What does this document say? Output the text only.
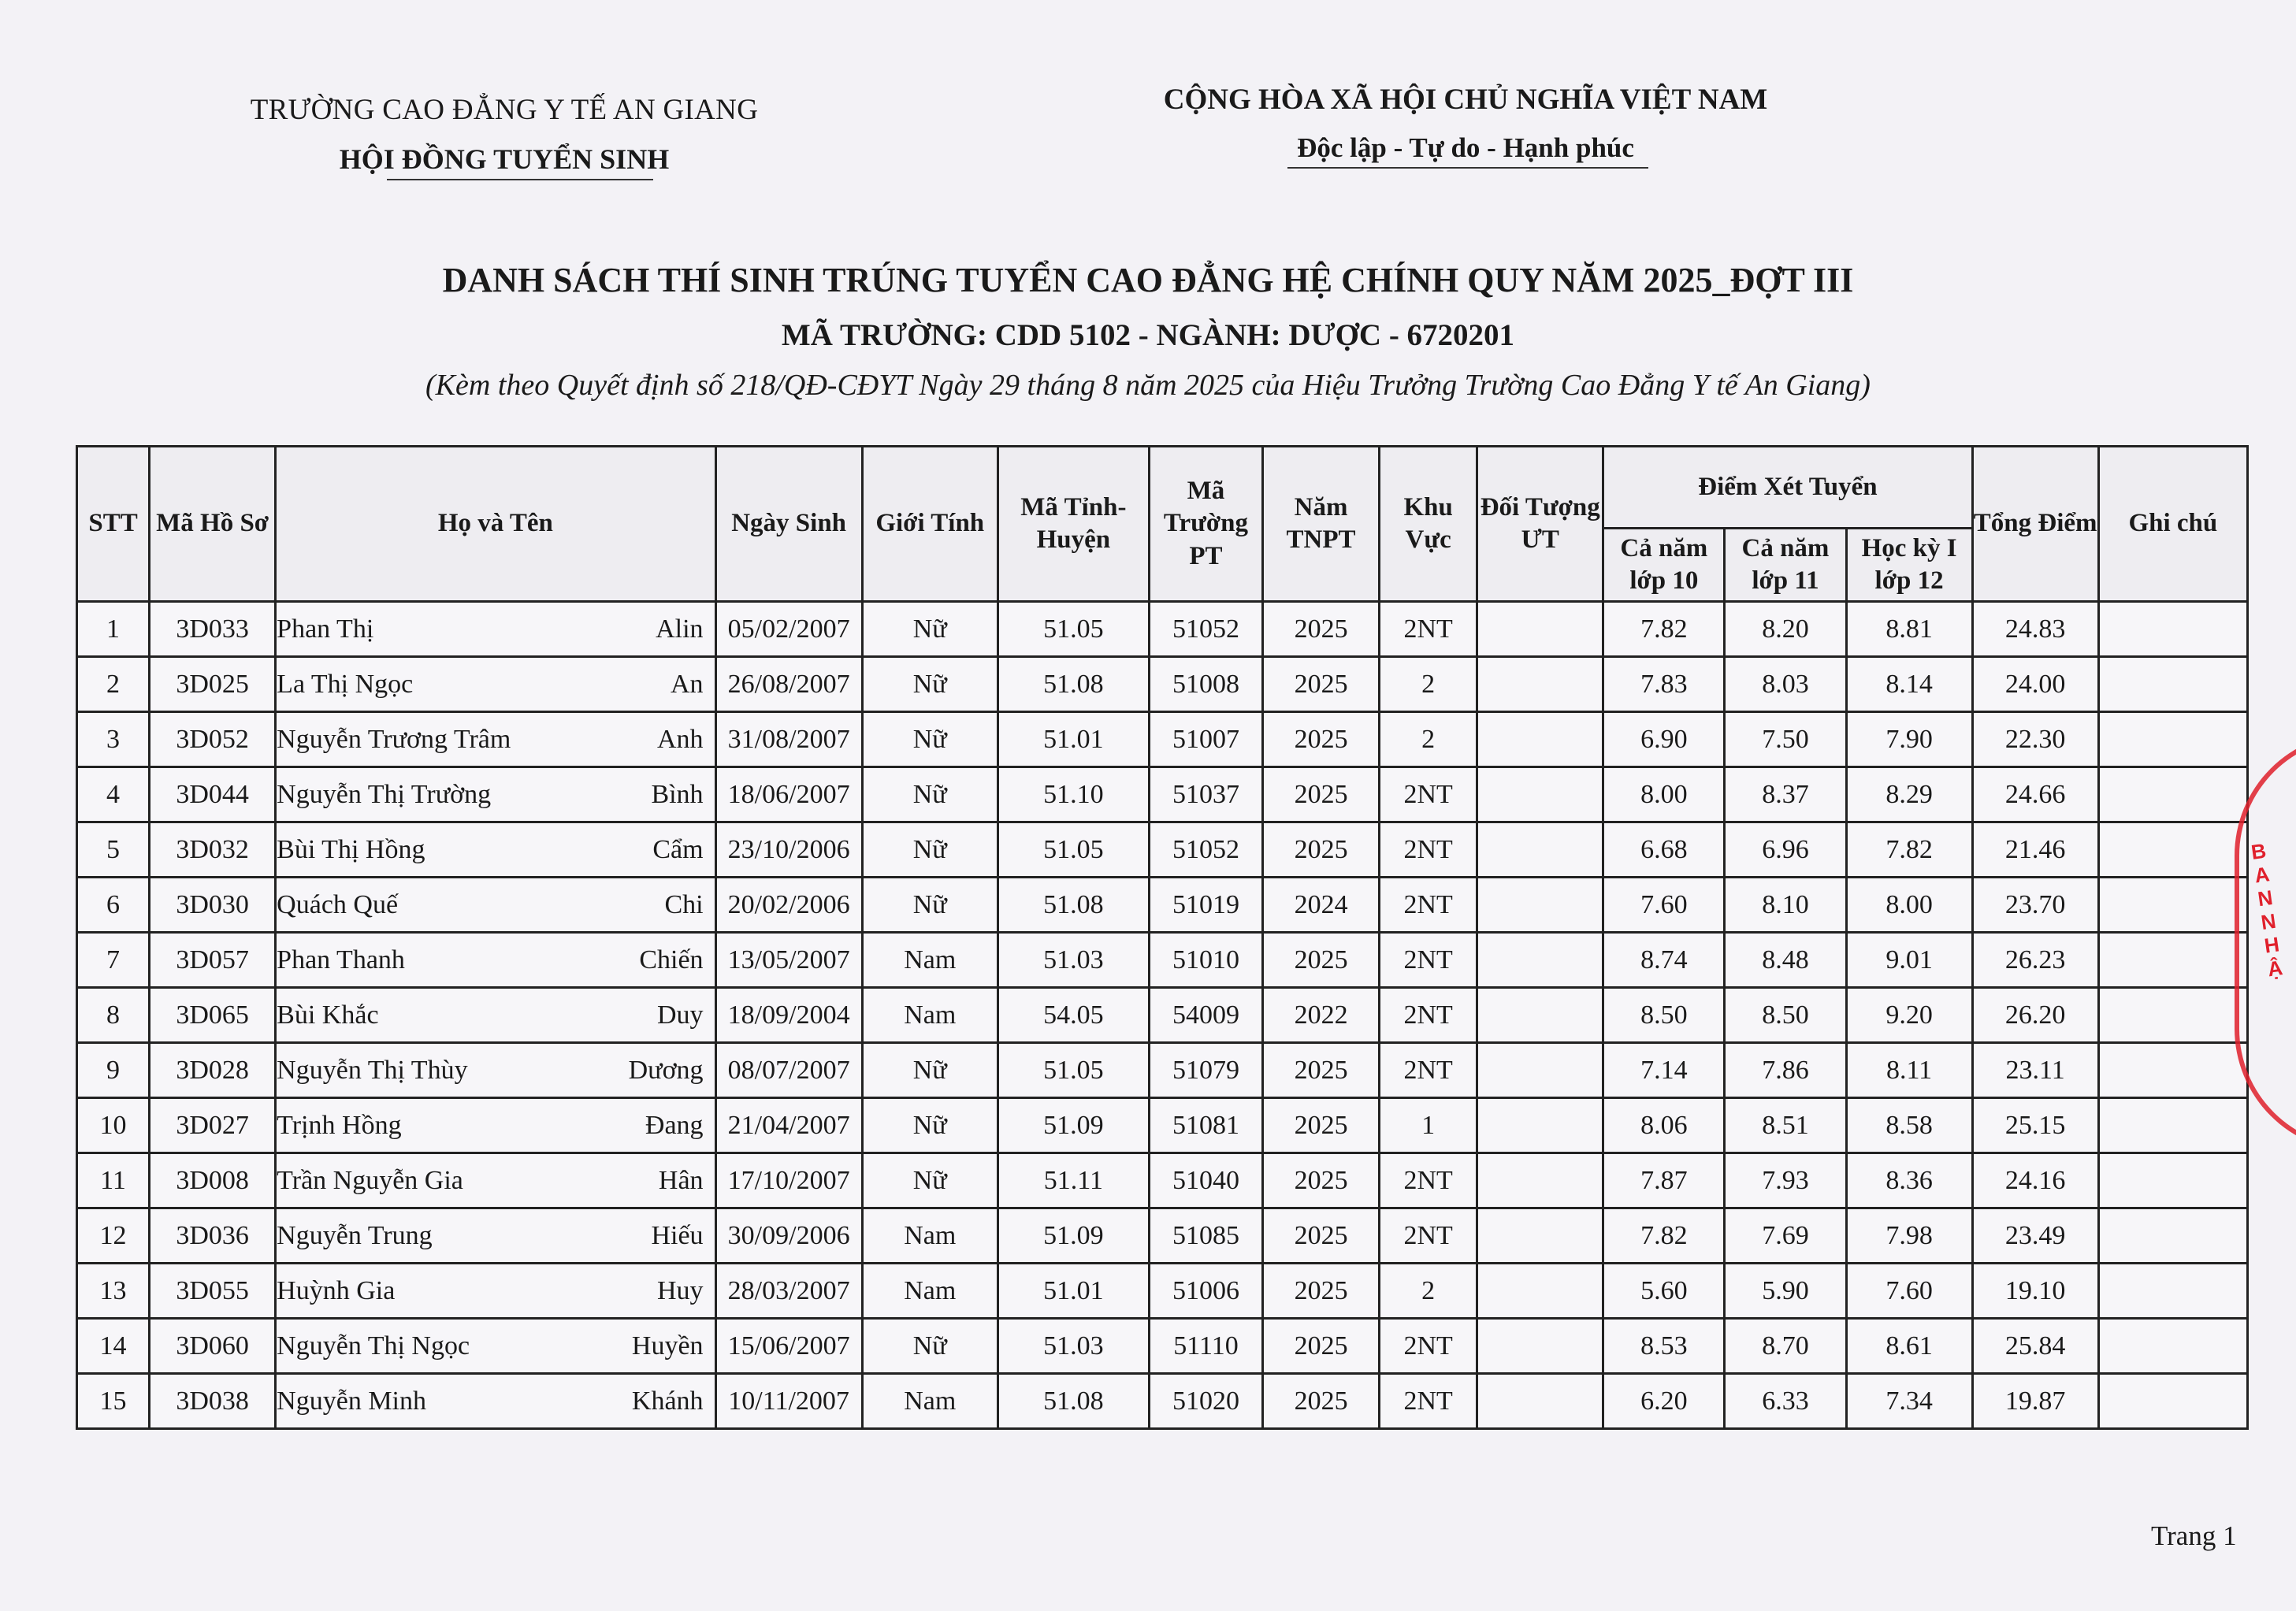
TRƯỜNG CAO ĐẲNG Y TẾ AN GIANG
HỘI ĐỒNG TUYỂN SINH
CỘNG HÒA XÃ HỘI CHỦ NGHĨA VIỆT NAM
Độc lập - Tự do - Hạnh phúc
DANH SÁCH THÍ SINH TRÚNG TUYỂN CAO ĐẲNG HỆ CHÍNH QUY NĂM 2025_ĐỢT III
MÃ TRƯỜNG: CDD 5102 - NGÀNH: DƯỢC - 6720201
(Kèm theo Quyết định số 218/QĐ-CĐYT Ngày 29 tháng 8 năm 2025 của Hiệu Trưởng Trường Cao Đẳng Y tế An Giang)
STT	Mã Hồ Sơ	Họ và Tên	Ngày Sinh	Giới Tính	Mã Tỉnh-Huyện	Mã Trường PT	Năm TNPT	Khu Vực	Đối Tượng ƯT	Điểm Xét Tuyển			Tổng Điểm	Ghi chú
										Cả năm lớp 10	Cả năm lớp 11	Học kỳ I lớp 12		
1	3D033	Phan Thị Alin	05/02/2007	Nữ	51.05	51052	2025	2NT		7.82	8.20	8.81	24.83	
2	3D025	La Thị Ngọc An	26/08/2007	Nữ	51.08	51008	2025	2		7.83	8.03	8.14	24.00	
3	3D052	Nguyễn Trương Trâm Anh	31/08/2007	Nữ	51.01	51007	2025	2		6.90	7.50	7.90	22.30	
4	3D044	Nguyễn Thị Trường Bình	18/06/2007	Nữ	51.10	51037	2025	2NT		8.00	8.37	8.29	24.66	
5	3D032	Bùi Thị Hồng Cẩm	23/10/2006	Nữ	51.05	51052	2025	2NT		6.68	6.96	7.82	21.46	
6	3D030	Quách Quế Chi	20/02/2006	Nữ	51.08	51019	2024	2NT		7.60	8.10	8.00	23.70	
7	3D057	Phan Thanh Chiến	13/05/2007	Nam	51.03	51010	2025	2NT		8.74	8.48	9.01	26.23	
8	3D065	Bùi Khắc Duy	18/09/2004	Nam	54.05	54009	2022	2NT		8.50	8.50	9.20	26.20	
9	3D028	Nguyễn Thị Thùy Dương	08/07/2007	Nữ	51.05	51079	2025	2NT		7.14	7.86	8.11	23.11	
10	3D027	Trịnh Hồng Đang	21/04/2007	Nữ	51.09	51081	2025	1		8.06	8.51	8.58	25.15	
11	3D008	Trần Nguyễn Gia Hân	17/10/2007	Nữ	51.11	51040	2025	2NT		7.87	7.93	8.36	24.16	
12	3D036	Nguyễn Trung Hiếu	30/09/2006	Nam	51.09	51085	2025	2NT		7.82	7.69	7.98	23.49	
13	3D055	Huỳnh Gia Huy	28/03/2007	Nam	51.01	51006	2025	2		5.60	5.90	7.60	19.10	
14	3D060	Nguyễn Thị Ngọc Huyền	15/06/2007	Nữ	51.03	51110	2025	2NT		8.53	8.70	8.61	25.84	
15	3D038	Nguyễn Minh Khánh	10/11/2007	Nam	51.08	51020	2025	2NT		6.20	6.33	7.34	19.87	
Trang 1
B
A
N
N
H
Ậ
